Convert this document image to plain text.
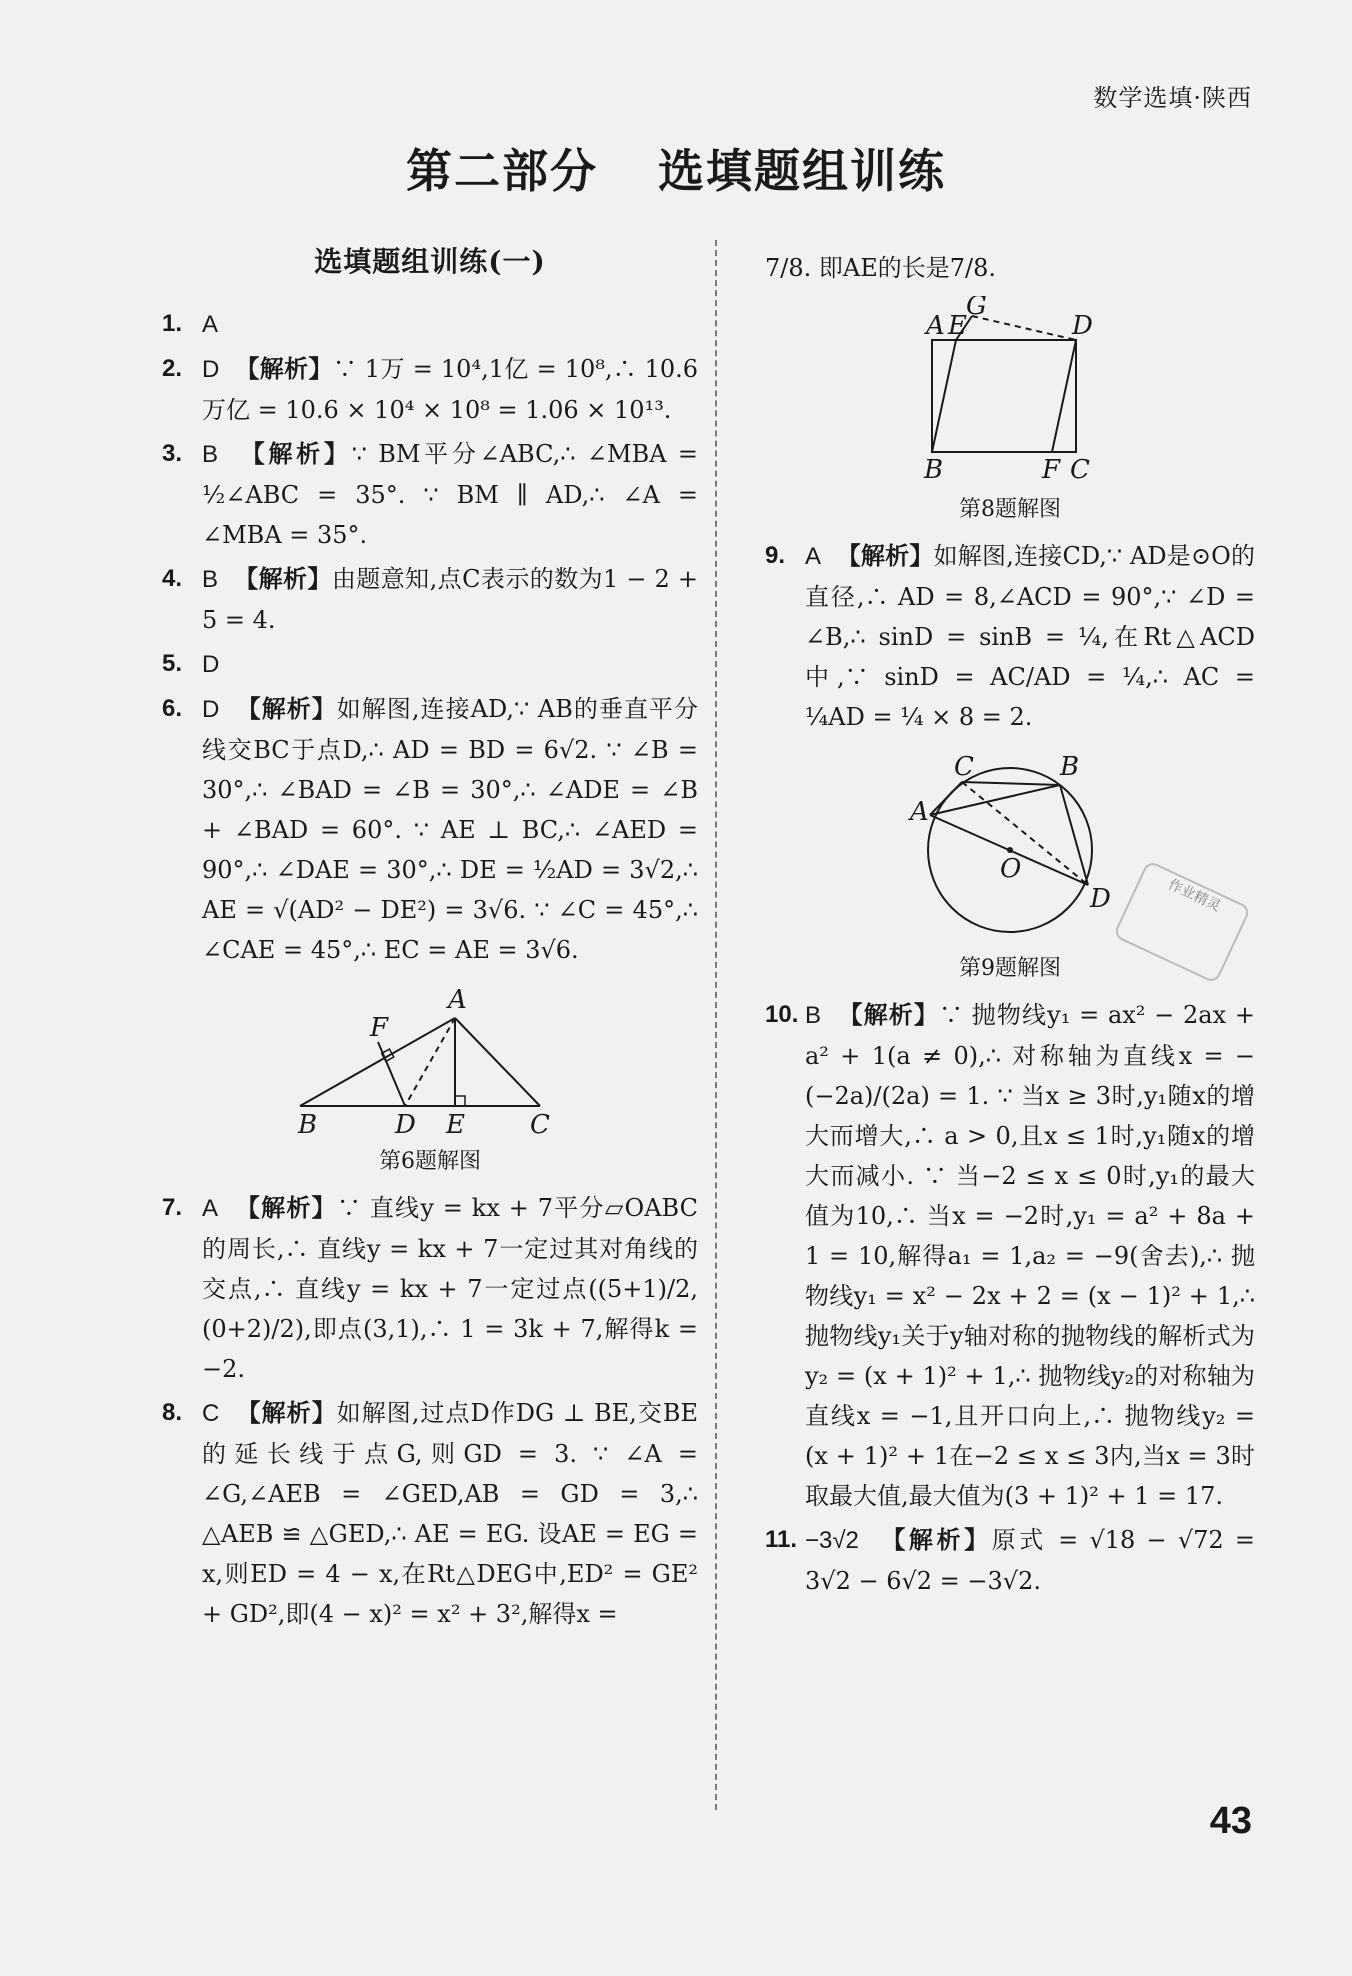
数学选填·陕西
第二部分 选填题组训练
选填题组训练(一)
1. A
2. D 【解析】∵ 1万 = 10⁴,1亿 = 10⁸,∴ 10.6万亿 = 10.6 × 10⁴ × 10⁸ = 1.06 × 10¹³.
3. B 【解析】∵ BM平分∠ABC,∴ ∠MBA = ½∠ABC = 35°. ∵ BM ∥ AD,∴ ∠A = ∠MBA = 35°.
4. B 【解析】由题意知,点C表示的数为1 − 2 + 5 = 4.
5. D
6. D 【解析】如解图,连接AD,∵ AB的垂直平分线交BC于点D,∴ AD = BD = 6√2. ∵ ∠B = 30°,∴ ∠BAD = ∠B = 30°,∴ ∠ADE = ∠B + ∠BAD = 60°. ∵ AE ⊥ BC,∴ ∠AED = 90°,∴ ∠DAE = 30°,∴ DE = ½AD = 3√2,∴ AE = √(AD² − DE²) = 3√6. ∵ ∠C = 45°,∴ ∠CAE = 45°,∴ EC = AE = 3√6.
A
B	D E	C
F
第6题解图
7. A 【解析】∵ 直线y = kx + 7平分▱OABC的周长,∴ 直线y = kx + 7一定过其对角线的交点,∴ 直线y = kx + 7一定过点((5+1)/2, (0+2)/2),即点(3,1),∴ 1 = 3k + 7,解得k = −2.
8. C 【解析】如解图,过点D作DG ⊥ BE,交BE的延长线于点G,则GD = 3. ∵ ∠A = ∠G,∠AEB = ∠GED,AB = GD = 3,∴ △AEB ≌ △GED,∴ AE = EG. 设AE = EG = x,则ED = 4 − x,在Rt△DEG中,ED² = GE² + GD²,即(4 − x)² = x² + 3²,解得x =
7/8. 即AE的长是7/8.
G
A E	D
B	F C
第8题解图
9. A 【解析】如解图,连接CD,∵ AD是⊙O的直径,∴ AD = 8,∠ACD = 90°,∵ ∠D = ∠B,∴ sinD = sinB = ¼,在Rt△ACD中,∵ sinD = AC/AD = ¼,∴ AC = ¼AD = ¼ × 8 = 2.
C	B
A
O
D
第9题解图
10. B 【解析】∵ 抛物线y₁ = ax² − 2ax + a² + 1(a ≠ 0),∴ 对称轴为直线x = −(−2a)/(2a) = 1. ∵ 当x ≥ 3时,y₁随x的增大而增大,∴ a > 0,且x ≤ 1时,y₁随x的增大而减小. ∵ 当−2 ≤ x ≤ 0时,y₁的最大值为10,∴ 当x = −2时,y₁ = a² + 8a + 1 = 10,解得a₁ = 1,a₂ = −9(舍去),∴ 抛物线y₁ = x² − 2x + 2 = (x − 1)² + 1,∴ 抛物线y₁关于y轴对称的抛物线的解析式为y₂ = (x + 1)² + 1,∴ 抛物线y₂的对称轴为直线x = −1,且开口向上,∴ 抛物线y₂ = (x + 1)² + 1在−2 ≤ x ≤ 3内,当x = 3时取最大值,最大值为(3 + 1)² + 1 = 17.
11. −3√2 【解析】原式 = √18 − √72 = 3√2 − 6√2 = −3√2.
作业精灵
43
